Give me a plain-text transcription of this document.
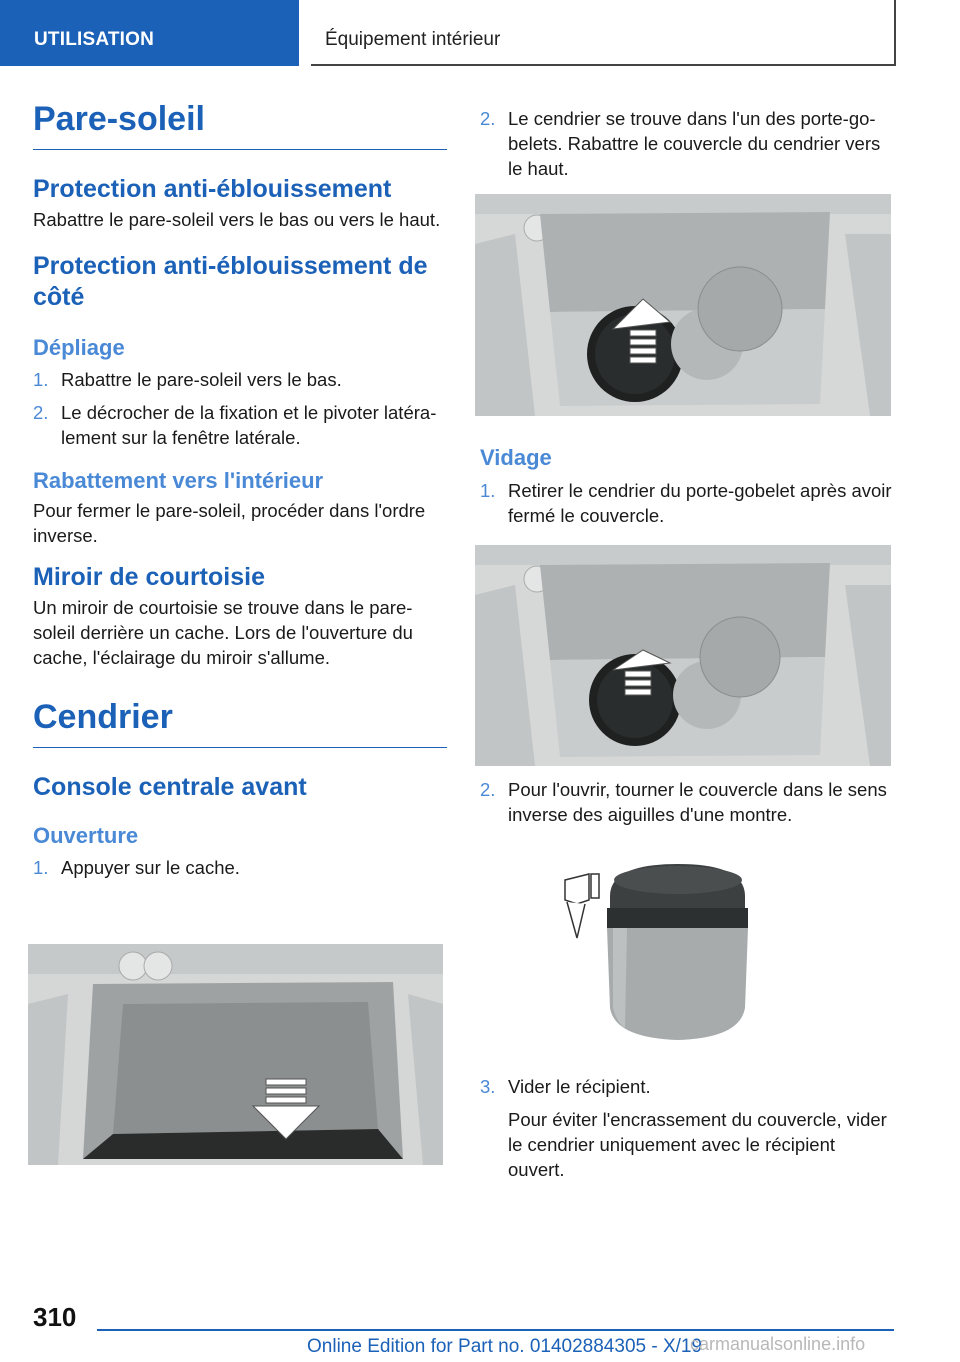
UTILISATION	Équipement intérieur
Pare-soleil
Protection anti-éblouissement

Rabattre le pare-soleil vers le bas ou vers le haut.

Protection anti-éblouissement de côté
Dépliage
1. Rabattre le pare-soleil vers le bas.
2. Le décrocher de la fixation et le pivoter latéralement sur la fenêtre latérale.
Rabattement vers l'intérieur

Pour fermer le pare-soleil, procéder dans l'ordre inverse.

Miroir de courtoisie

Un miroir de courtoisie se trouve dans le pare-soleil derrière un cache. Lors de l'ouverture du cache, l'éclairage du miroir s'allume.

Cendrier
Console centrale avant
Ouverture
1. Appuyer sur le cache.
2. Le cendrier se trouve dans l'un des porte-gobelets. Rabattre le couvercle du cendrier vers le haut.
Vidage
1. Retirer le cendrier du porte-gobelet après avoir fermé le couvercle.
2. Pour l'ouvrir, tourner le couvercle dans le sens inverse des aiguilles d'une montre.
3. Vider le récipient.

Pour éviter l'encrassement du couvercle, vider le cendrier uniquement avec le récipient ouvert.

310
Online Edition for Part no. 01402884305 - X/19
carmanualsonline.info
